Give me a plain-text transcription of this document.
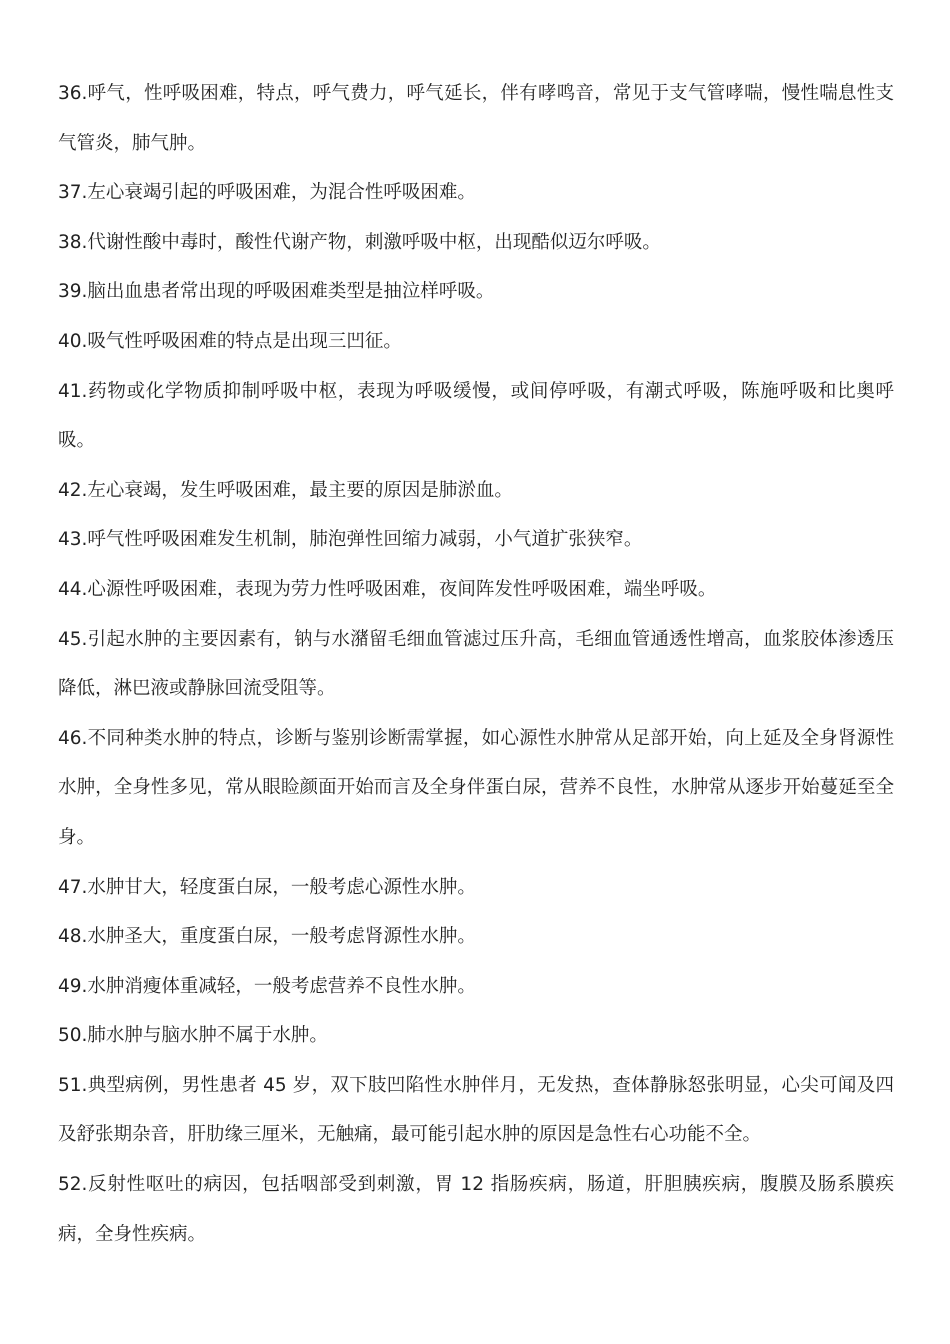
36.呼气，性呼吸困难，特点，呼气费力，呼气延长，伴有哮鸣音，常见于支气管哮喘，慢性喘息性支气管炎，肺气肿。

37.左心衰竭引起的呼吸困难，为混合性呼吸困难。

38.代谢性酸中毒时，酸性代谢产物，刺激呼吸中枢，出现酷似迈尔呼吸。

39.脑出血患者常出现的呼吸困难类型是抽泣样呼吸。

40.吸气性呼吸困难的特点是出现三凹征。

41.药物或化学物质抑制呼吸中枢，表现为呼吸缓慢，或间停呼吸，有潮式呼吸，陈施呼吸和比奥呼吸。

42.左心衰竭，发生呼吸困难，最主要的原因是肺淤血。

43.呼气性呼吸困难发生机制，肺泡弹性回缩力减弱，小气道扩张狭窄。

44.心源性呼吸困难，表现为劳力性呼吸困难，夜间阵发性呼吸困难，端坐呼吸。

45.引起水肿的主要因素有，钠与水潴留毛细血管滤过压升高，毛细血管通透性增高，血浆胶体渗透压降低，淋巴液或静脉回流受阻等。

46.不同种类水肿的特点，诊断与鉴别诊断需掌握，如心源性水肿常从足部开始，向上延及全身肾源性水肿，全身性多见，常从眼睑颜面开始而言及全身伴蛋白尿，营养不良性，水肿常从逐步开始蔓延至全身。

47.水肿甘大，轻度蛋白尿，一般考虑心源性水肿。

48.水肿圣大，重度蛋白尿，一般考虑肾源性水肿。

49.水肿消瘦体重减轻，一般考虑营养不良性水肿。

50.肺水肿与脑水肿不属于水肿。

51.典型病例，男性患者 45 岁，双下肢凹陷性水肿伴月，无发热，查体静脉怒张明显，心尖可闻及四及舒张期杂音，肝肋缘三厘米，无触痛，最可能引起水肿的原因是急性右心功能不全。

52.反射性呕吐的病因，包括咽部受到刺激，胃 12 指肠疾病，肠道，肝胆胰疾病，腹膜及肠系膜疾病，全身性疾病。
